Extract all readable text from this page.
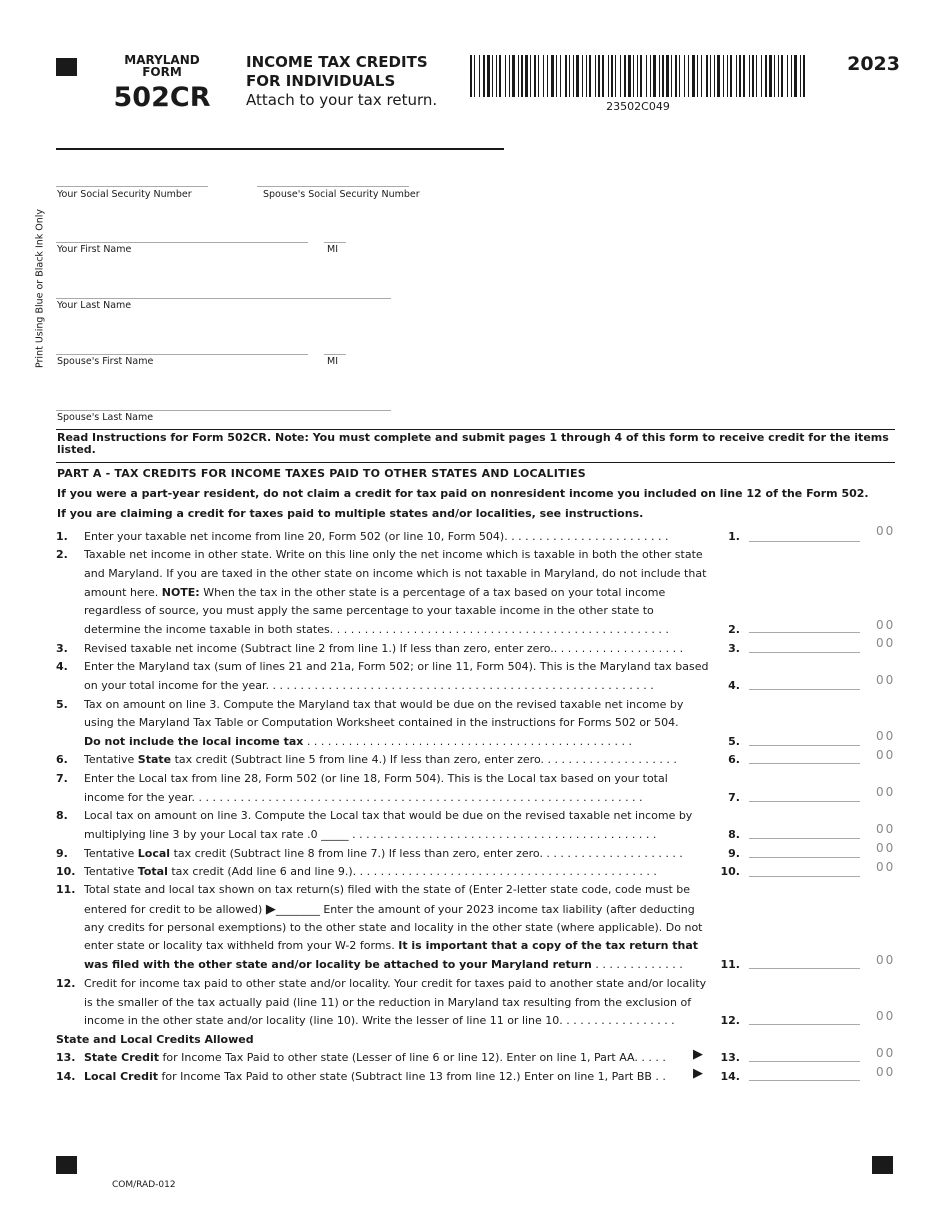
MARYLAND
FORM
502CR
INCOME TAX CREDITS
FOR INDIVIDUALS
Attach to your tax return.	23502C049
2023
Print Using Blue or Black Ink Only
Your Social Security Number	Spouse's Social Security Number
Your First Name	MI
Your Last Name
Spouse's First Name	MI
Spouse's Last Name
Read Instructions for Form 502CR. Note: You must complete and submit pages 1 through 4 of this form to receive credit for the items listed.
PART A - TAX CREDITS FOR INCOME TAXES PAID TO OTHER STATES AND LOCALITIES
If you were a part-year resident, do not claim a credit for tax paid on nonresident income you included on line 12 of the Form 502.
If you are claiming a credit for taxes paid to multiple states and/or localities, see instructions.
1. Enter your taxable net income from line 20, Form 502 (or line 10, Form 504). . . . . . . . . . . . . . . . . . . . . . . .	1.	00
2. Taxable net income in other state. Write on this line only the net income which is taxable in both the other state
and Maryland. If you are taxed in the other state on income which is not taxable in Maryland, do not include that
amount here. NOTE: When the tax in the other state is a percentage of a tax based on your total income
regardless of source, you must apply the same percentage to your taxable income in the other state to
determine the income taxable in both states. . . . . . . . . . . . . . . . . . . . . . . . . . . . . . . . . . . . . . . . . . . . . . . . .	2.	00
3. Revised taxable net income (Subtract line 2 from line 1.) If less than zero, enter zero.. . . . . . . . . . . . . . . . . . .	3.	00
4. Enter the Maryland tax (sum of lines 21 and 21a, Form 502; or line 11, Form 504). This is the Maryland tax based
on your total income for the year. . . . . . . . . . . . . . . . . . . . . . . . . . . . . . . . . . . . . . . . . . . . . . . . . . . . . . . .	4.	00
5. Tax on amount on line 3. Compute the Maryland tax that would be due on the revised taxable net income by
using the Maryland Tax Table or Computation Worksheet contained in the instructions for Forms 502 or 504.
Do not include the local income tax . . . . . . . . . . . . . . . . . . . . . . . . . . . . . . . . . . . . . . . . . . . . . . .	5.	00
6. Tentative State tax credit (Subtract line 5 from line 4.) If less than zero, enter zero. . . . . . . . . . . . . . . . . . . .	6.	00
7. Enter the Local tax from line 28, Form 502 (or line 18, Form 504). This is the Local tax based on your total
income for the year. . . . . . . . . . . . . . . . . . . . . . . . . . . . . . . . . . . . . . . . . . . . . . . . . . . . . . . . . . . . . . . . .	7.	00
8. Local tax on amount on line 3. Compute the Local tax that would be due on the revised taxable net income by
multiplying line 3 by your Local tax rate .0 _____ . . . . . . . . . . . . . . . . . . . . . . . . . . . . . . . . . . . . . . . . . . . .	8.	00
9. Tentative Local tax credit (Subtract line 8 from line 7.) If less than zero, enter zero. . . . . . . . . . . . . . . . . . . . .	9.	00
10. Tentative Total tax credit (Add line 6 and line 9.). . . . . . . . . . . . . . . . . . . . . . . . . . . . . . . . . . . . . . . . . . . .	10.	00
11. Total state and local tax shown on tax return(s) filed with the state of (Enter 2-letter state code, code must be
entered for credit to be allowed) ▶________ Enter the amount of your 2023 income tax liability (after deducting
any credits for personal exemptions) to the other state and locality in the other state (where applicable). Do not
enter state or locality tax withheld from your W-2 forms. It is important that a copy of the tax return that
was filed with the other state and/or locality be attached to your Maryland return . . . . . . . . . . . . .	11.	00
12. Credit for income tax paid to other state and/or locality. Your credit for taxes paid to another state and/or locality
is the smaller of the tax actually paid (line 11) or the reduction in Maryland tax resulting from the exclusion of
income in the other state and/or locality (line 10). Write the lesser of line 11 or line 10. . . . . . . . . . . . . . . . .	12.	00
State and Local Credits Allowed
13. State Credit for Income Tax Paid to other state (Lesser of line 6 or line 12). Enter on line 1, Part AA. . . . .	▶	13.	00
14. Local Credit for Income Tax Paid to other state (Subtract line 13 from line 12.) Enter on line 1, Part BB . .	▶	14.	00
COM/RAD-012
